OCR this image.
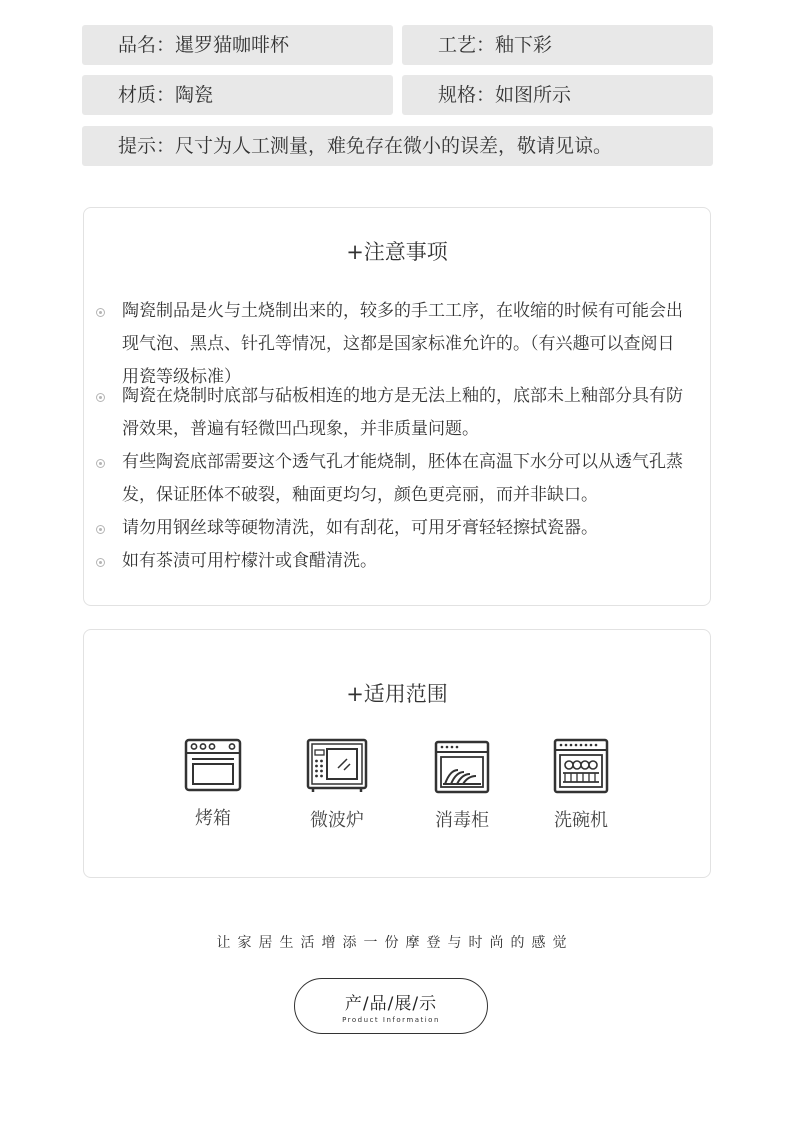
品名：暹罗猫咖啡杯	工艺：釉下彩
材质：陶瓷	规格：如图所示
提示：尺寸为人工测量，难免存在微小的误差，敬请见谅。
+注意事项
陶瓷制品是火与土烧制出来的，较多的手工工序，在收缩的时候有可能会出现气泡、黑点、针孔等情况，这都是国家标准允许的。（有兴趣可以查阅日用瓷等级标准）
陶瓷在烧制时底部与砧板相连的地方是无法上釉的，底部未上釉部分具有防滑效果，普遍有轻微凹凸现象，并非质量问题。
有些陶瓷底部需要这个透气孔才能烧制，胚体在高温下水分可以从透气孔蒸发，保证胚体不破裂，釉面更均匀，颜色更亮丽，而并非缺口。
请勿用钢丝球等硬物清洗，如有刮花，可用牙膏轻轻擦拭瓷器。
如有茶渍可用柠檬汁或食醋清洗。
+适用范围
烤箱	微波炉	消毒柜	洗碗机
让家居生活增添一份摩登与时尚的感觉
产/品/展/示
Product Information
